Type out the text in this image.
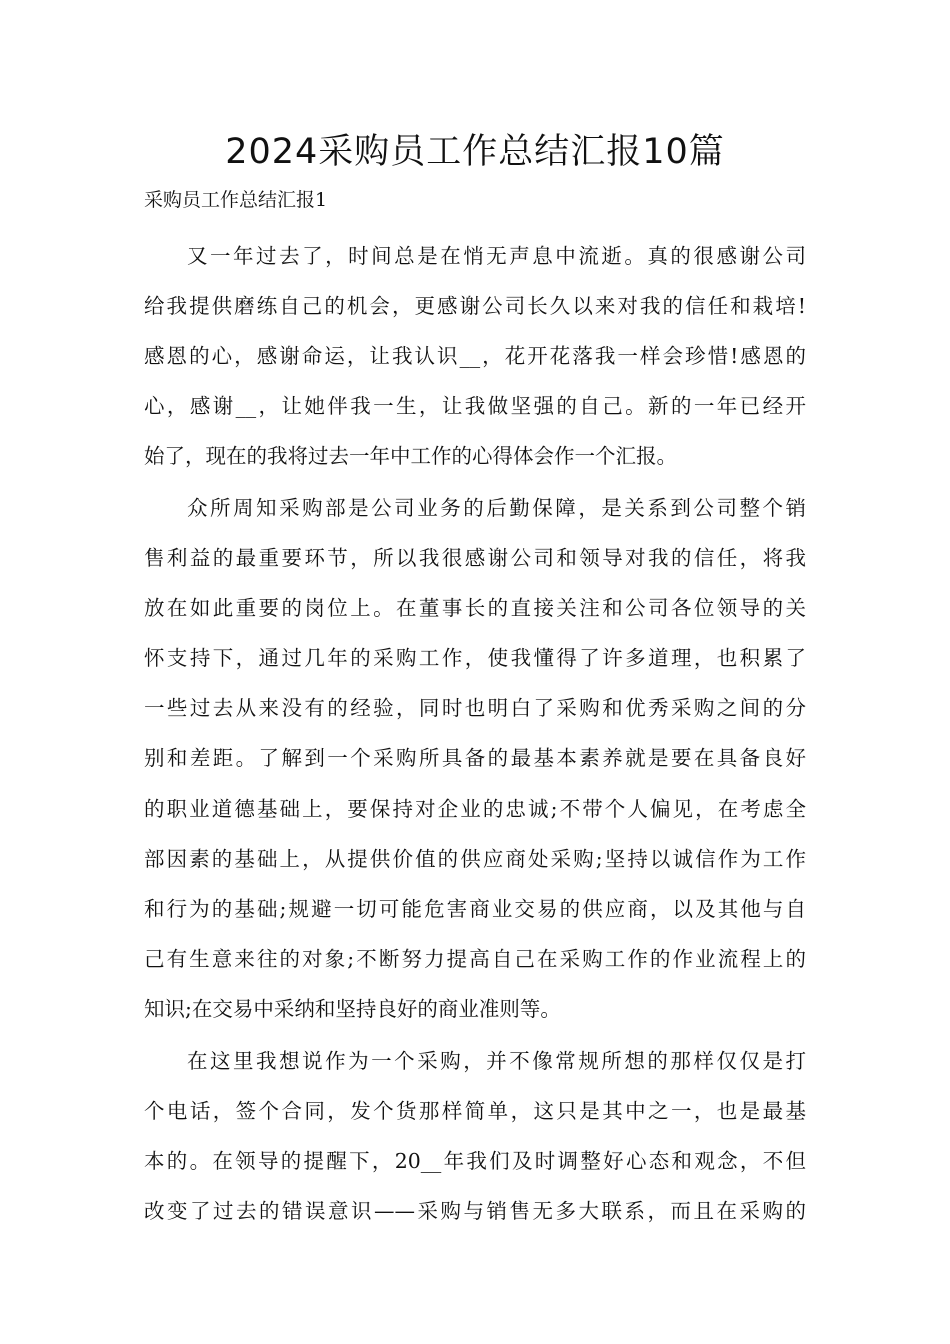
2024采购员工作总结汇报10篇
采购员工作总结汇报1
又一年过去了，时间总是在悄无声息中流逝。真的很感谢公司
给我提供磨练自己的机会，更感谢公司长久以来对我的信任和栽培!
感恩的心，感谢命运，让我认识__，花开花落我一样会珍惜!感恩的
心，感谢__，让她伴我一生，让我做坚强的自己。新的一年已经开
始了，现在的我将过去一年中工作的心得体会作一个汇报。
众所周知采购部是公司业务的后勤保障，是关系到公司整个销
售利益的最重要环节，所以我很感谢公司和领导对我的信任，将我
放在如此重要的岗位上。在董事长的直接关注和公司各位领导的关
怀支持下，通过几年的采购工作，使我懂得了许多道理，也积累了
一些过去从来没有的经验，同时也明白了采购和优秀采购之间的分
别和差距。了解到一个采购所具备的最基本素养就是要在具备良好
的职业道德基础上，要保持对企业的忠诚;不带个人偏见，在考虑全
部因素的基础上，从提供价值的供应商处采购;坚持以诚信作为工作
和行为的基础;规避一切可能危害商业交易的供应商，以及其他与自
己有生意来往的对象;不断努力提高自己在采购工作的作业流程上的
知识;在交易中采纳和坚持良好的商业准则等。
在这里我想说作为一个采购，并不像常规所想的那样仅仅是打
个电话，签个合同，发个货那样简单，这只是其中之一，也是最基
本的。在领导的提醒下，20__年我们及时调整好心态和观念，不但
改变了过去的错误意识——采购与销售无多大联系，而且在采购的
